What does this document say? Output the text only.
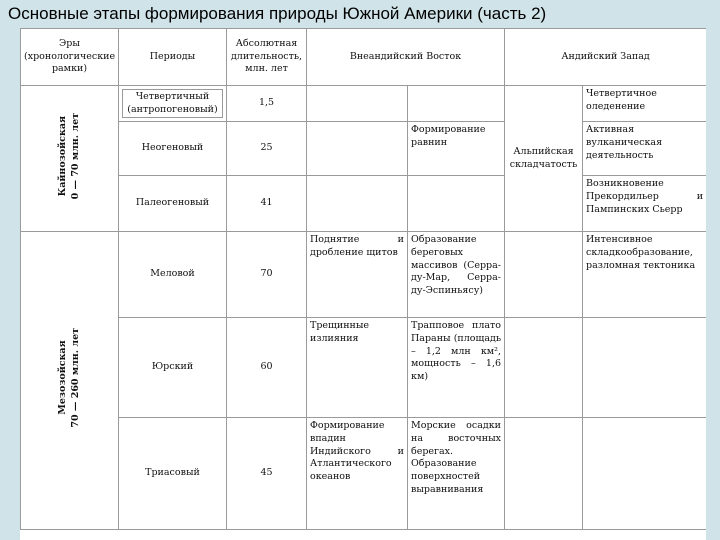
Основные этапы формирования природы Южной Америки (часть 2)
Эры (хронологические рамки)	Периоды	Абсолютная длительность, млн. лет	Внеандийский Восток		Андийский Запад	
Кайнозойская 0 — 70 млн. лет	Четвертичный (антропогеновый)	1,5			Альпийская складчатость	Четвертичное оледенение
	Неогеновый	25		Формирование равнин		Активная вулканическая деятельность
	Палеогеновый	41				Возникновение Прекордильер и Пампинских Сьерр
Мезозойская 70 — 260 млн. лет	Меловой	70	Поднятие и дробление щитов	Образование береговых массивов (Серра-ду-Мар, Серра-ду-Эспиньясу)		Интенсивное складкообразование, разломная тектоника
	Юрский	60	Трещинные излияния	Трапповое плато Параны (площадь – 1,2 млн км², мощность – 1,6 км)		
	Триасовый	45	Формирование впадин Индийского и Атлантического океанов	Морские осадки на восточных берегах. Образование поверхностей выравнивания		
